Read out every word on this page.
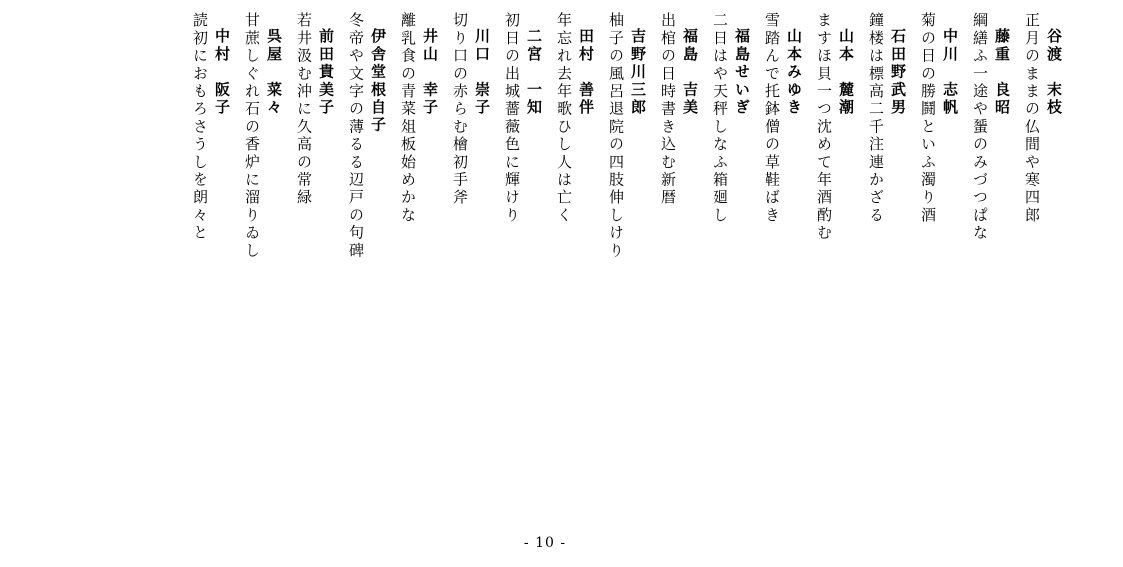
谷渡　末枝
正月のままの仏間や寒四郎
藤重　良昭
綱繕ふ一途や蜑のみづつぱな
中川　志帆
菊の日の勝鬪といふ濁り酒
石田野武男
鐘楼は標高二千注連かざる
山本　麓潮
ますほ貝一つ沈めて年酒酌む
山本みゆき
雪踏んで托鉢僧の草鞋ばき
福島せいぎ
二日はや天秤しなふ箱廻し
福島　吉美
出棺の日時書き込む新暦
吉野川三郎
柚子の風呂退院の四肢伸しけり
田村　善伴
年忘れ去年歌ひし人は亡く
二宮　一知
初日の出城薔薇色に輝けり
川口　崇子
切り口の赤らむ檜初手斧
井山　幸子
離乳食の青菜俎板始めかな
伊舎堂根自子
冬帝や文字の薄るる辺戸の句碑
前田貴美子
若井汲む沖に久高の常緑
呉屋　菜々
甘蔗しぐれ石の香炉に溜りゐし
中村　阪子
読初におもろさうしを朗々と
- 10 -
